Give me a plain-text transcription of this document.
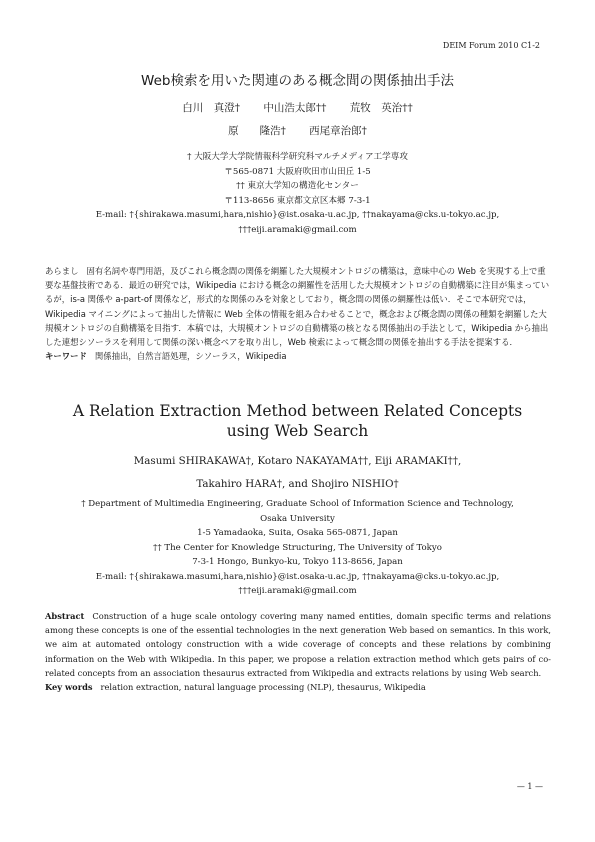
DEIM Forum 2010 C1-2
Web検索を用いた関連のある概念間の関係抽出手法
白川　真澄† 中山浩太郎†† 荒牧　英治††
原　　隆浩† 西尾章治郎†
† 大阪大学大学院情報科学研究科マルチメディア工学専攻
〒565-0871 大阪府吹田市山田丘 1-5
†† 東京大学知の構造化センター
〒113-8656 東京都文京区本郷 7-3-1
E-mail: †{shirakawa.masumi,hara,nishio}@ist.osaka-u.ac.jp, ††nakayama@cks.u-tokyo.ac.jp,
†††eiji.aramaki@gmail.com

あらまし 固有名詞や専門用語，及びこれら概念間の関係を網羅した大規模オントロジの構築は，意味中心の Web を実現する上で重要な基盤技術である．最近の研究では，Wikipedia における概念の網羅性を活用した大規模オントロジの自動構築に注目が集まっているが，is-a 関係や a-part-of 関係など，形式的な関係のみを対象としており，概念間の関係の網羅性は低い．そこで本研究では，Wikipedia マイニングによって抽出した情報に Web 全体の情報を組み合わせることで，概念および概念間の関係の種類を網羅した大規模オントロジの自動構築を目指す．本稿では，大規模オントロジの自動構築の核となる関係抽出の手法として，Wikipedia から抽出した連想シソーラスを利用して関係の深い概念ペアを取り出し，Web 検索によって概念間の関係を抽出する手法を提案する．

キーワード 関係抽出，自然言語処理，シソーラス，Wikipedia

A Relation Extraction Method between Related Concepts
using Web Search
Masumi SHIRAKAWA†, Kotaro NAKAYAMA††, Eiji ARAMAKI††,
Takahiro HARA†, and Shojiro NISHIO†
† Department of Multimedia Engineering, Graduate School of Information Science and Technology,
Osaka University
1-5 Yamadaoka, Suita, Osaka 565-0871, Japan
†† The Center for Knowledge Structuring, The University of Tokyo
7-3-1 Hongo, Bunkyo-ku, Tokyo 113-8656, Japan
E-mail: †{shirakawa.masumi,hara,nishio}@ist.osaka-u.ac.jp, ††nakayama@cks.u-tokyo.ac.jp,
†††eiji.aramaki@gmail.com

Abstract Construction of a huge scale ontology covering many named entities, domain specific terms and relations among these concepts is one of the essential technologies in the next generation Web based on semantics. In this work, we aim at automated ontology construction with a wide coverage of concepts and these relations by combining information on the Web with Wikipedia. In this paper, we propose a relation extraction method which gets pairs of co-related concepts from an association thesaurus extracted from Wikipedia and extracts relations by using Web search.

Key words relation extraction, natural language processing (NLP), thesaurus, Wikipedia

— 1 —
